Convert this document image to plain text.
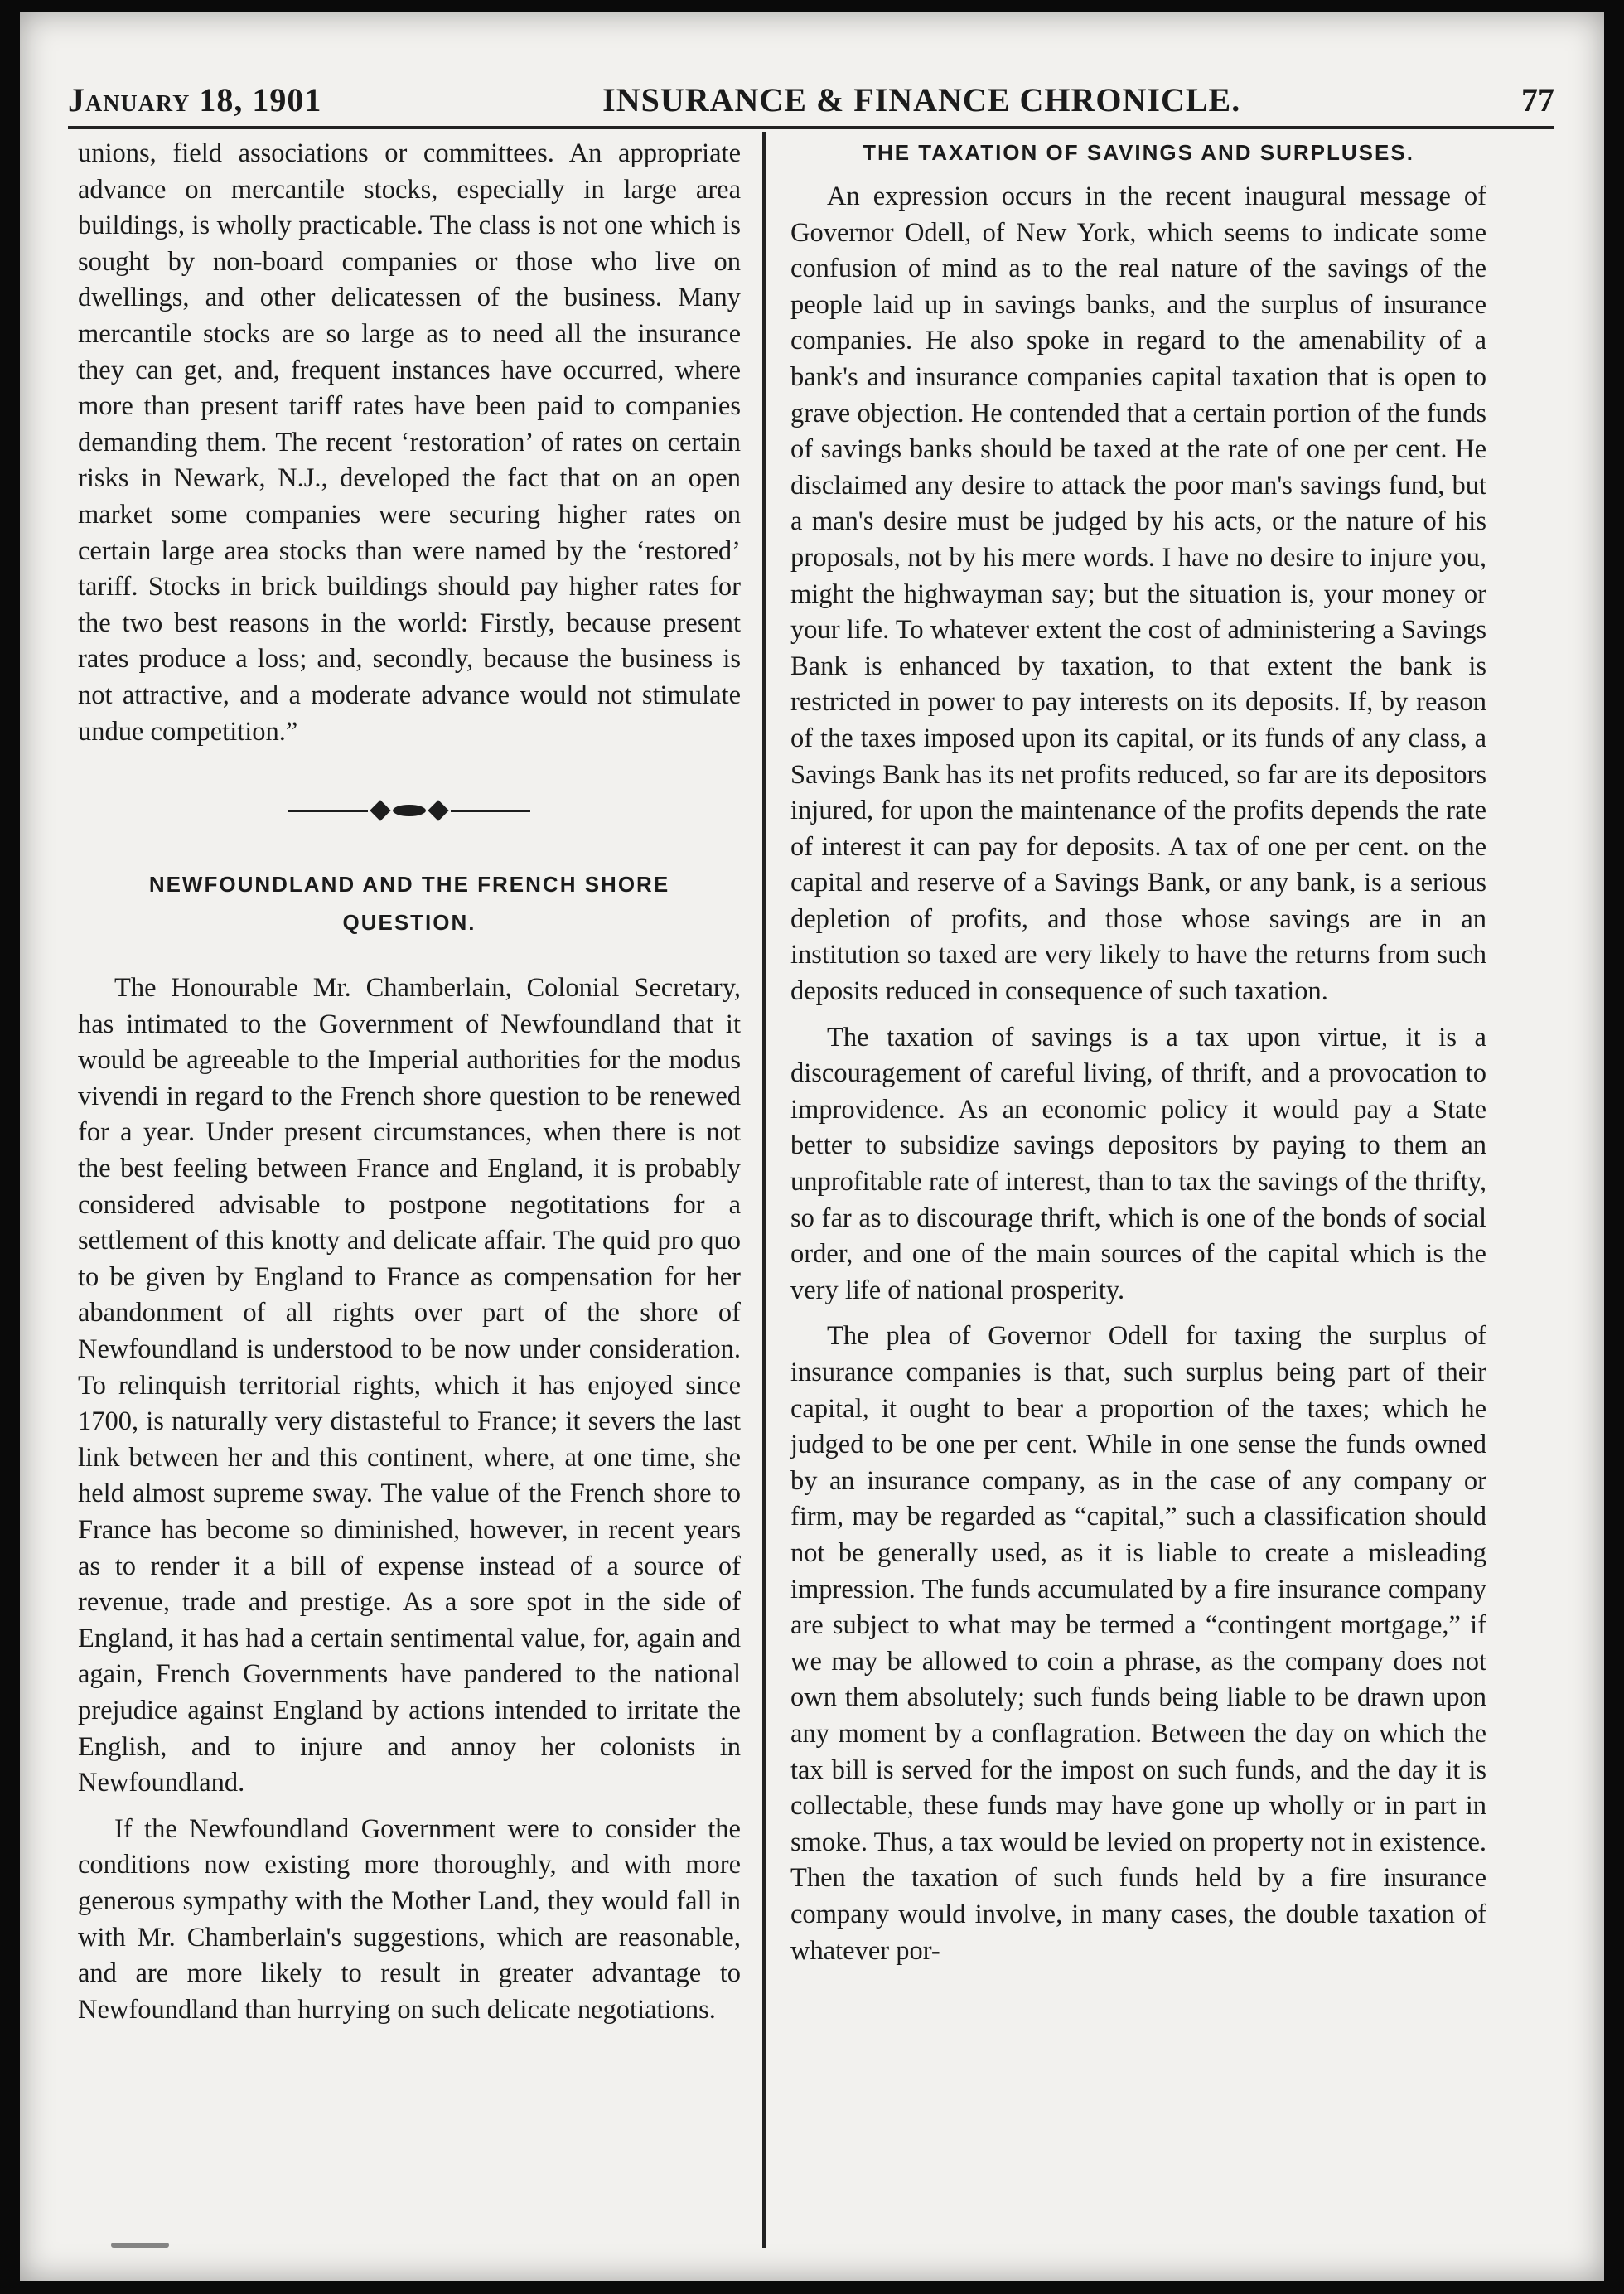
January 18, 1901	INSURANCE & FINANCE CHRONICLE.	77

unions, field associations or committees. An appropriate advance on mercantile stocks, especially in large area buildings, is wholly practicable. The class is not one which is sought by non-board companies or those who live on dwellings, and other delicatessen of the business. Many mercantile stocks are so large as to need all the insurance they can get, and, frequent instances have occurred, where more than present tariff rates have been paid to companies demanding them. The recent ‘restoration’ of rates on certain risks in Newark, N.J., developed the fact that on an open market some companies were securing higher rates on certain large area stocks than were named by the ‘restored’ tariff. Stocks in brick buildings should pay higher rates for the two best reasons in the world: Firstly, because present rates produce a loss; and, secondly, because the business is not attractive, and a moderate advance would not stimulate undue competition.”

NEWFOUNDLAND AND THE FRENCH SHORE
QUESTION.

The Honourable Mr. Chamberlain, Colonial Secretary, has intimated to the Government of Newfoundland that it would be agreeable to the Imperial authorities for the modus vivendi in regard to the French shore question to be renewed for a year. Under present circumstances, when there is not the best feeling between France and England, it is probably considered advisable to postpone negotitations for a settlement of this knotty and delicate affair. The quid pro quo to be given by England to France as compensation for her abandonment of all rights over part of the shore of Newfoundland is understood to be now under consideration. To relinquish territorial rights, which it has enjoyed since 1700, is naturally very distasteful to France; it severs the last link between her and this continent, where, at one time, she held almost supreme sway. The value of the French shore to France has become so diminished, however, in recent years as to render it a bill of expense instead of a source of revenue, trade and prestige. As a sore spot in the side of England, it has had a certain sentimental value, for, again and again, French Governments have pandered to the national prejudice against England by actions intended to irritate the English, and to injure and annoy her colonists in Newfoundland.

If the Newfoundland Government were to consider the conditions now existing more thoroughly, and with more generous sympathy with the Mother Land, they would fall in with Mr. Chamberlain's suggestions, which are reasonable, and are more likely to result in greater advantage to Newfoundland than hurrying on such delicate negotiations.

THE TAXATION OF SAVINGS AND SURPLUSES.

An expression occurs in the recent inaugural message of Governor Odell, of New York, which seems to indicate some confusion of mind as to the real nature of the savings of the people laid up in savings banks, and the surplus of insurance companies. He also spoke in regard to the amenability of a bank's and insurance companies capital taxation that is open to grave objection. He contended that a certain portion of the funds of savings banks should be taxed at the rate of one per cent. He disclaimed any desire to attack the poor man's savings fund, but a man's desire must be judged by his acts, or the nature of his proposals, not by his mere words. I have no desire to injure you, might the highwayman say; but the situation is, your money or your life. To whatever extent the cost of administering a Savings Bank is enhanced by taxation, to that extent the bank is restricted in power to pay interests on its deposits. If, by reason of the taxes imposed upon its capital, or its funds of any class, a Savings Bank has its net profits reduced, so far are its depositors injured, for upon the maintenance of the profits depends the rate of interest it can pay for deposits. A tax of one per cent. on the capital and reserve of a Savings Bank, or any bank, is a serious depletion of profits, and those whose savings are in an institution so taxed are very likely to have the returns from such deposits reduced in consequence of such taxation.

The taxation of savings is a tax upon virtue, it is a discouragement of careful living, of thrift, and a provocation to improvidence. As an economic policy it would pay a State better to subsidize savings depositors by paying to them an unprofitable rate of interest, than to tax the savings of the thrifty, so far as to discourage thrift, which is one of the bonds of social order, and one of the main sources of the capital which is the very life of national prosperity.

The plea of Governor Odell for taxing the surplus of insurance companies is that, such surplus being part of their capital, it ought to bear a proportion of the taxes; which he judged to be one per cent. While in one sense the funds owned by an insurance company, as in the case of any company or firm, may be regarded as “capital,” such a classification should not be generally used, as it is liable to create a misleading impression. The funds accumulated by a fire insurance company are subject to what may be termed a “contingent mortgage,” if we may be allowed to coin a phrase, as the company does not own them absolutely; such funds being liable to be drawn upon any moment by a conflagration. Between the day on which the tax bill is served for the impost on such funds, and the day it is collectable, these funds may have gone up wholly or in part in smoke. Thus, a tax would be levied on property not in existence. Then the taxation of such funds held by a fire insurance company would involve, in many cases, the double taxation of whatever por-
